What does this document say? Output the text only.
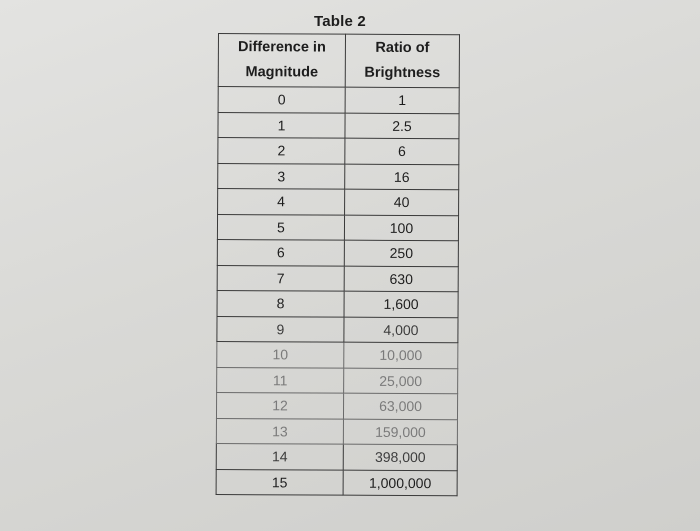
Table 2
Difference in Magnitude	Ratio of Brightness
0	1
1	2.5
2	6
3	16
4	40
5	100
6	250
7	630
8	1,600
9	4,000
10	10,000
11	25,000
12	63,000
13	159,000
14	398,000
15	1,000,000
